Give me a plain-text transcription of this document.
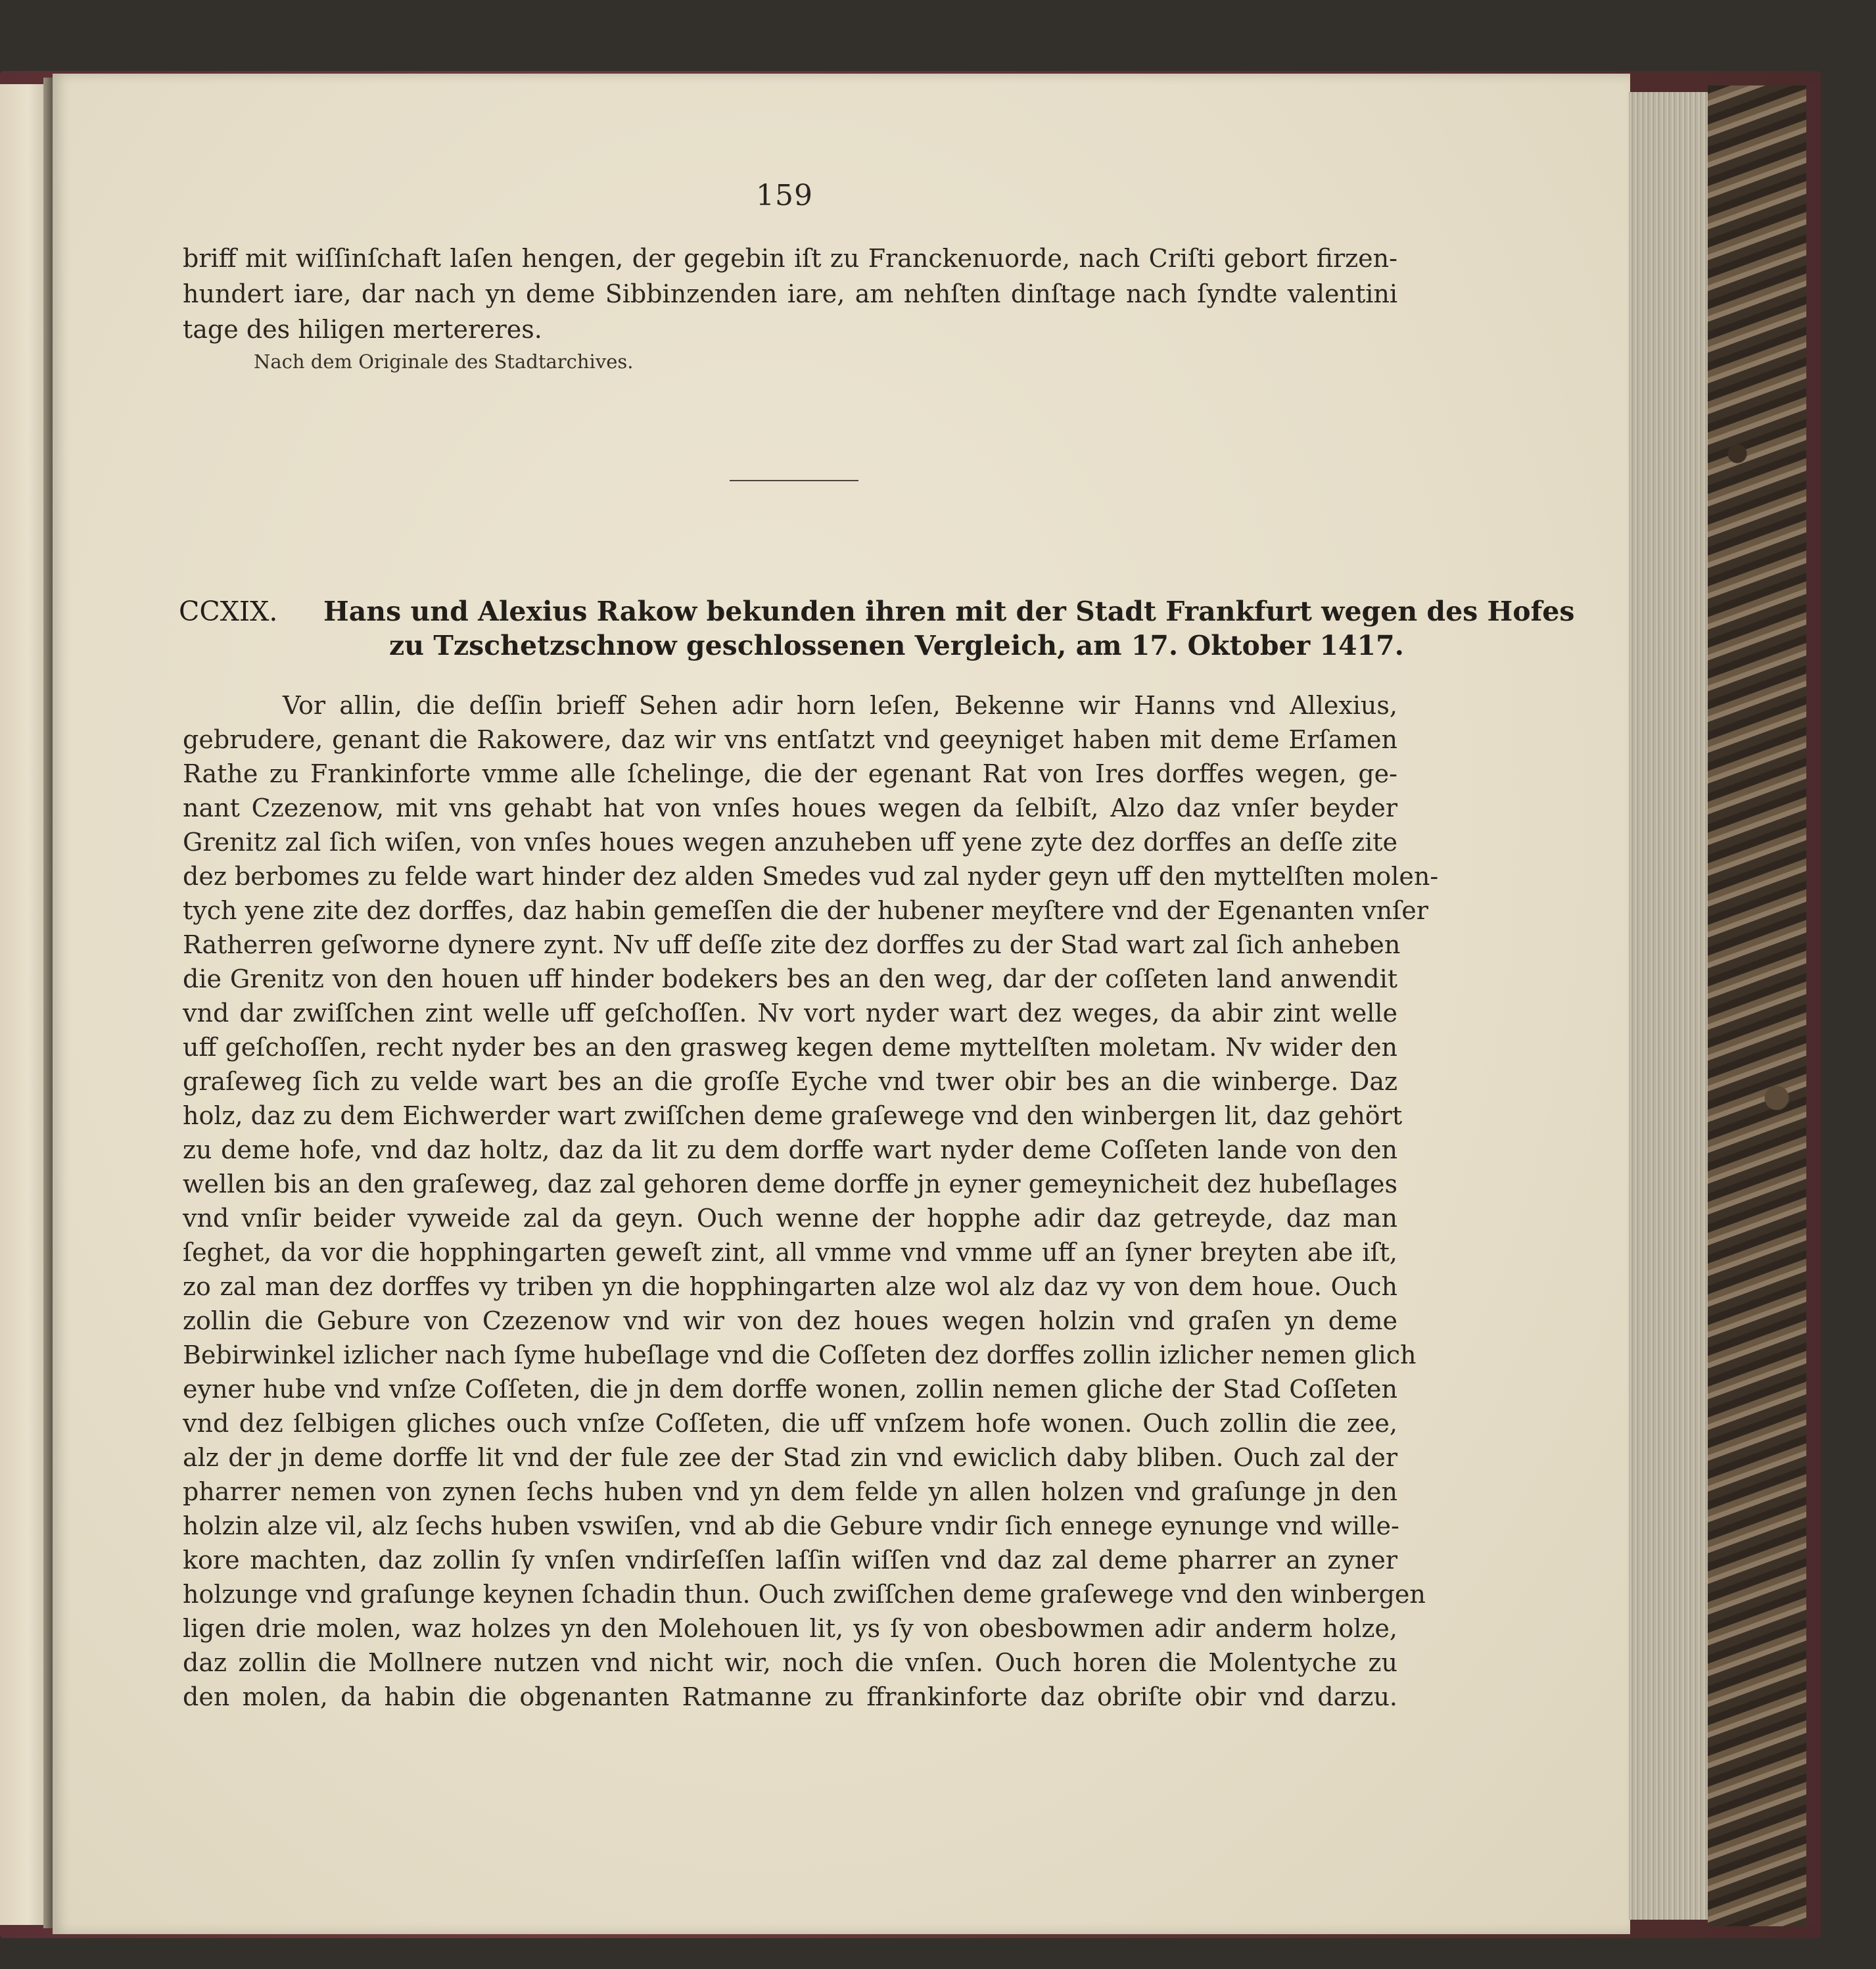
159
briff mit wiſſinſchaft laſen hengen, der gegebin iſt zu Franckenuorde, nach Criſti gebort firzen-
hundert iare, dar nach yn deme Sibbinzenden iare, am nehſten dinſtage nach ſyndte valentini
tage des hiligen mertereres.
Nach dem Originale des Stadtarchives.
CCXIX. Hans und Alexius Rakow bekunden ihren mit der Stadt Frankfurt wegen des Hofes
zu Tzschetzschnow geschlossenen Vergleich, am 17. Oktober 1417.
Vor allin, die deſſin brieff Sehen adir horn leſen, Bekenne wir Hanns vnd Allexius,
gebrudere, genant die Rakowere, daz wir vns entſatzt vnd geeyniget haben mit deme Erſamen
Rathe zu Frankinforte vmme alle ſchelinge, die der egenant Rat von Ires dorffes wegen, ge-
nant Czezenow, mit vns gehabt hat von vnſes houes wegen da ſelbiſt, Alzo daz vnſer beyder
Grenitz zal ſich wiſen, von vnſes houes wegen anzuheben uff yene zyte dez dorffes an deſſe zite
dez berbomes zu felde wart hinder dez alden Smedes vud zal nyder geyn uff den myttelſten molen-
tych yene zite dez dorffes, daz habin gemeſſen die der hubener meyſtere vnd der Egenanten vnſer
Ratherren geſworne dynere zynt. Nv uff deſſe zite dez dorffes zu der Stad wart zal ſich anheben
die Grenitz von den houen uff hinder bodekers bes an den weg, dar der coſſeten land anwendit
vnd dar zwiſſchen zint welle uff geſchoſſen. Nv vort nyder wart dez weges, da abir zint welle
uff geſchoſſen, recht nyder bes an den grasweg kegen deme myttelſten moletam. Nv wider den
graſeweg ſich zu velde wart bes an die groſſe Eyche vnd twer obir bes an die winberge. Daz
holz, daz zu dem Eichwerder wart zwiſſchen deme graſewege vnd den winbergen lit, daz gehört
zu deme hofe, vnd daz holtz, daz da lit zu dem dorffe wart nyder deme Coſſeten lande von den
wellen bis an den graſeweg, daz zal gehoren deme dorffe jn eyner gemeynicheit dez hubeſlages
vnd vnſir beider vyweide zal da geyn. Ouch wenne der hopphe adir daz getreyde, daz man
ſeghet, da vor die hopphingarten geweſt zint, all vmme vnd vmme uff an ſyner breyten abe iſt,
zo zal man dez dorffes vy triben yn die hopphingarten alze wol alz daz vy von dem houe. Ouch
zollin die Gebure von Czezenow vnd wir von dez houes wegen holzin vnd graſen yn deme
Bebirwinkel izlicher nach ſyme hubeſlage vnd die Coſſeten dez dorffes zollin izlicher nemen glich
eyner hube vnd vnſze Coſſeten, die jn dem dorffe wonen, zollin nemen gliche der Stad Coſſeten
vnd dez ſelbigen gliches ouch vnſze Coſſeten, die uff vnſzem hofe wonen. Ouch zollin die zee,
alz der jn deme dorffe lit vnd der fule zee der Stad zin vnd ewiclich daby bliben. Ouch zal der
pharrer nemen von zynen ſechs huben vnd yn dem felde yn allen holzen vnd graſunge jn den
holzin alze vil, alz ſechs huben vswiſen, vnd ab die Gebure vndir ſich ennege eynunge vnd wille-
kore machten, daz zollin ſy vnſen vndirſeſſen laſſin wiſſen vnd daz zal deme pharrer an zyner
holzunge vnd graſunge keynen ſchadin thun. Ouch zwiſſchen deme graſewege vnd den winbergen
ligen drie molen, waz holzes yn den Molehouen lit, ys ſy von obesbowmen adir anderm holze,
daz zollin die Mollnere nutzen vnd nicht wir, noch die vnſen. Ouch horen die Molentyche zu
den molen, da habin die obgenanten Ratmanne zu ffrankinforte daz obriſte obir vnd darzu.
